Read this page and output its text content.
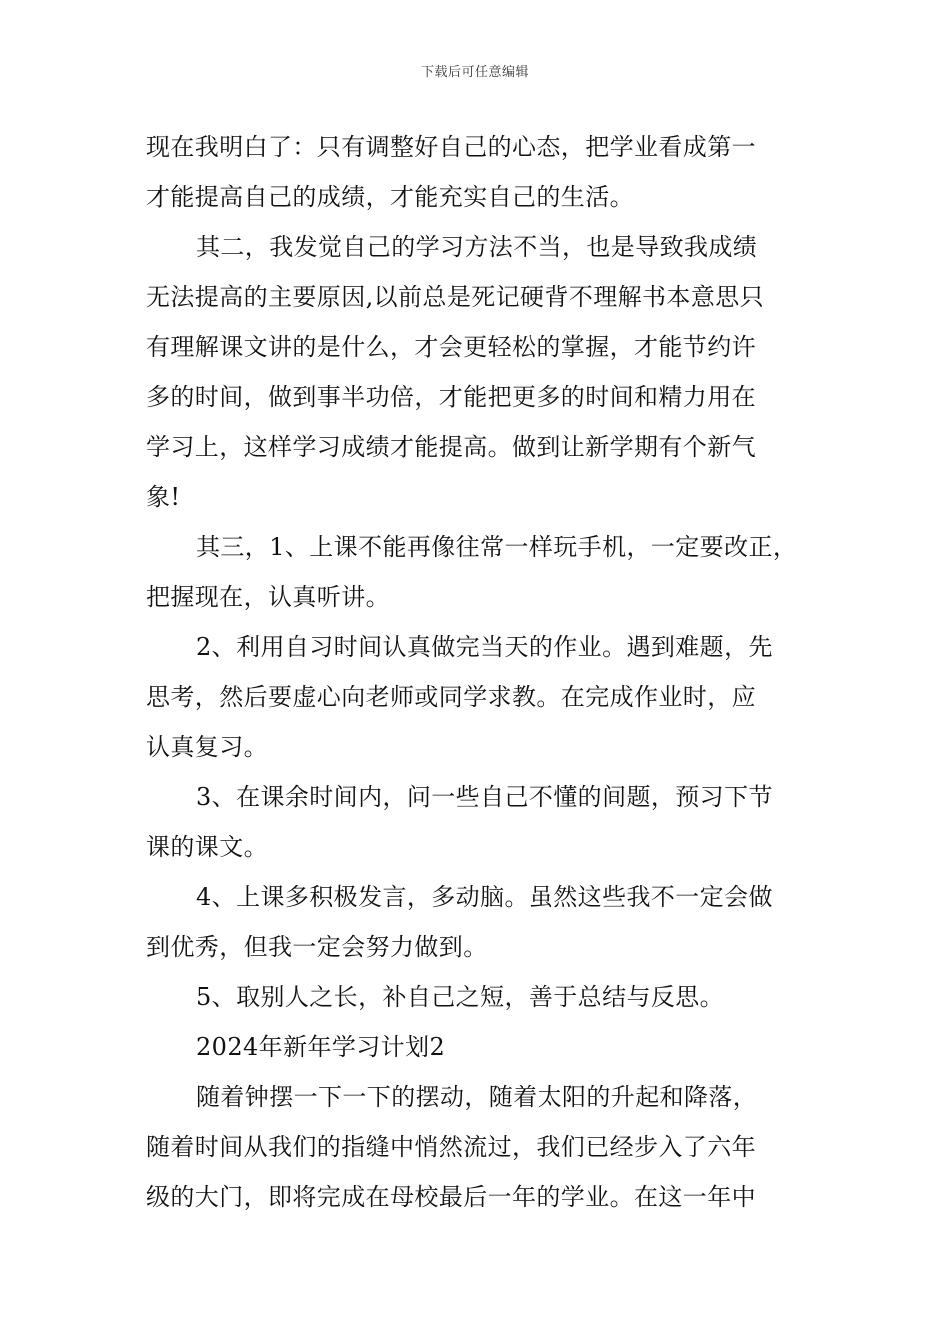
下载后可任意编辑
现在我明白了：只有调整好自己的心态，把学业看成第一
才能提高自己的成绩，才能充实自己的生活。
其二，我发觉自己的学习方法不当，也是导致我成绩
无法提高的主要原因,以前总是死记硬背不理解书本意思只
有理解课文讲的是什么，才会更轻松的掌握，才能节约许
多的时间，做到事半功倍，才能把更多的时间和精力用在
学习上，这样学习成绩才能提高。做到让新学期有个新气
象!
其三，1、上课不能再像往常一样玩手机，一定要改正，
把握现在，认真听讲。
2、利用自习时间认真做完当天的作业。遇到难题，先
思考，然后要虚心向老师或同学求教。在完成作业时，应
认真复习。
3、在课余时间内，问一些自己不懂的间题，预习下节
课的课文。
4、上课多积极发言，多动脑。虽然这些我不一定会做
到优秀，但我一定会努力做到。
5、取别人之长，补自己之短，善于总结与反思。
2024年新年学习计划2
随着钟摆一下一下的摆动，随着太阳的升起和降落，
随着时间从我们的指缝中悄然流过，我们已经步入了六年
级的大门，即将完成在母校最后一年的学业。在这一年中
